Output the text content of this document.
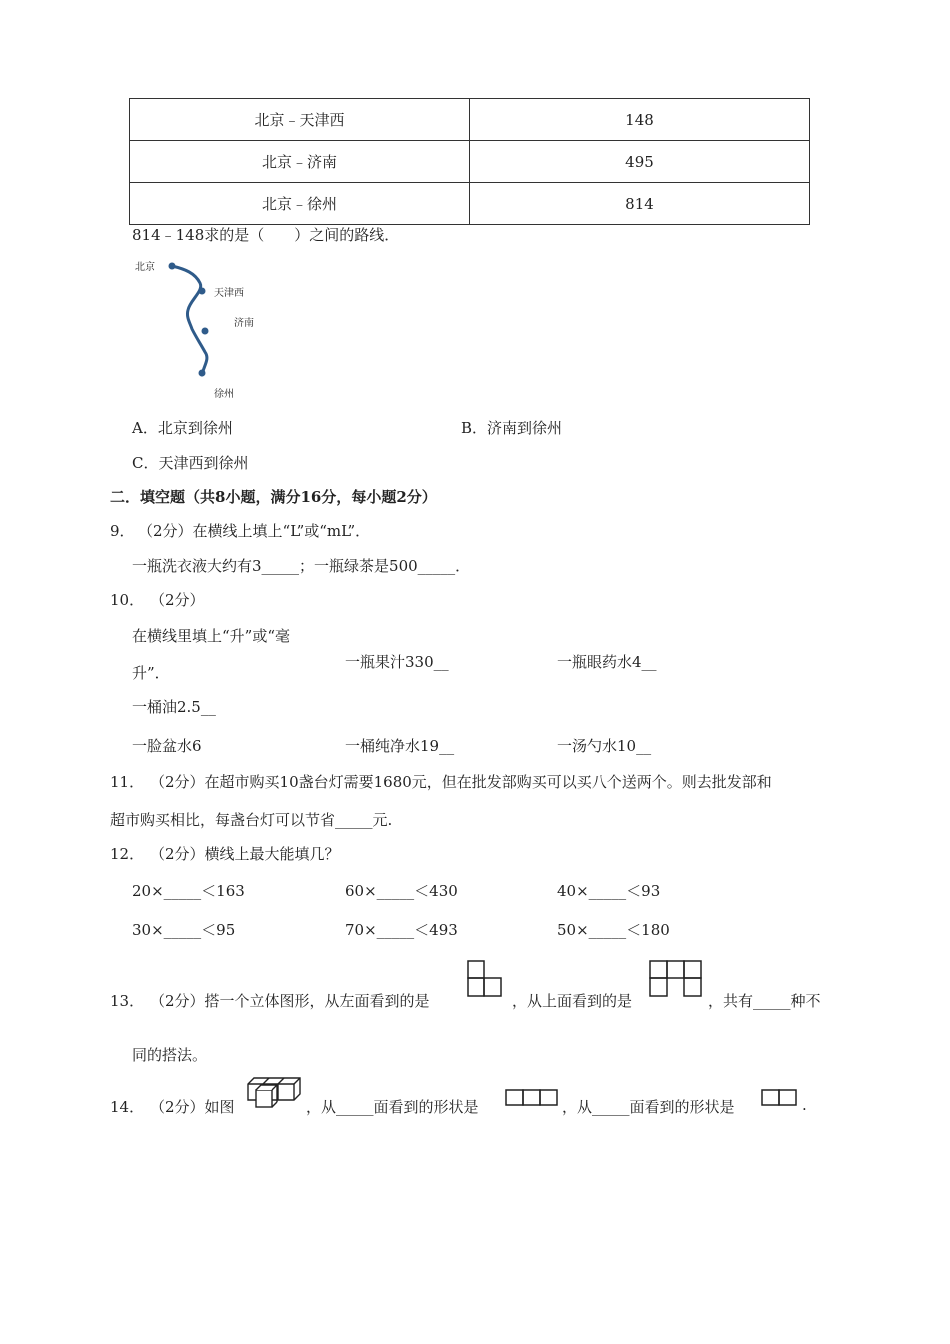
北京﹣天津西	148
北京﹣济南	495
北京﹣徐州	814
814﹣148求的是（　　）之间的路线．
北京
天津西
济南
徐州
A．北京到徐州	B．济南到徐州
C．天津西到徐州
二．填空题（共8小题，满分16分，每小题2分）
9． （2分）在横线上填上“L”或“mL”．
一瓶洗衣液大约有3_____；一瓶绿茶是500_____．
10． （2分）
在横线里填上“升”或“毫
升”．
一瓶果汁330__	一瓶眼药水4__
一桶油2.5__
一脸盆水6	一桶纯净水19__	一汤勺水10__
11． （2分）在超市购买10盏台灯需要1680元，但在批发部购买可以买八个送两个。则去批发部和
超市购买相比，每盏台灯可以节省_____元.
12． （2分）横线上最大能填几？
20×_____＜163	60×_____＜430	40×_____＜93
30×_____＜95	70×_____＜493	50×_____＜180
13． （2分）搭一个立体图形，从左面看到的是	，从上面看到的是	，共有_____种不
同的搭法。
14． （2分）如图	，从_____面看到的形状是	，从_____面看到的形状是	.
